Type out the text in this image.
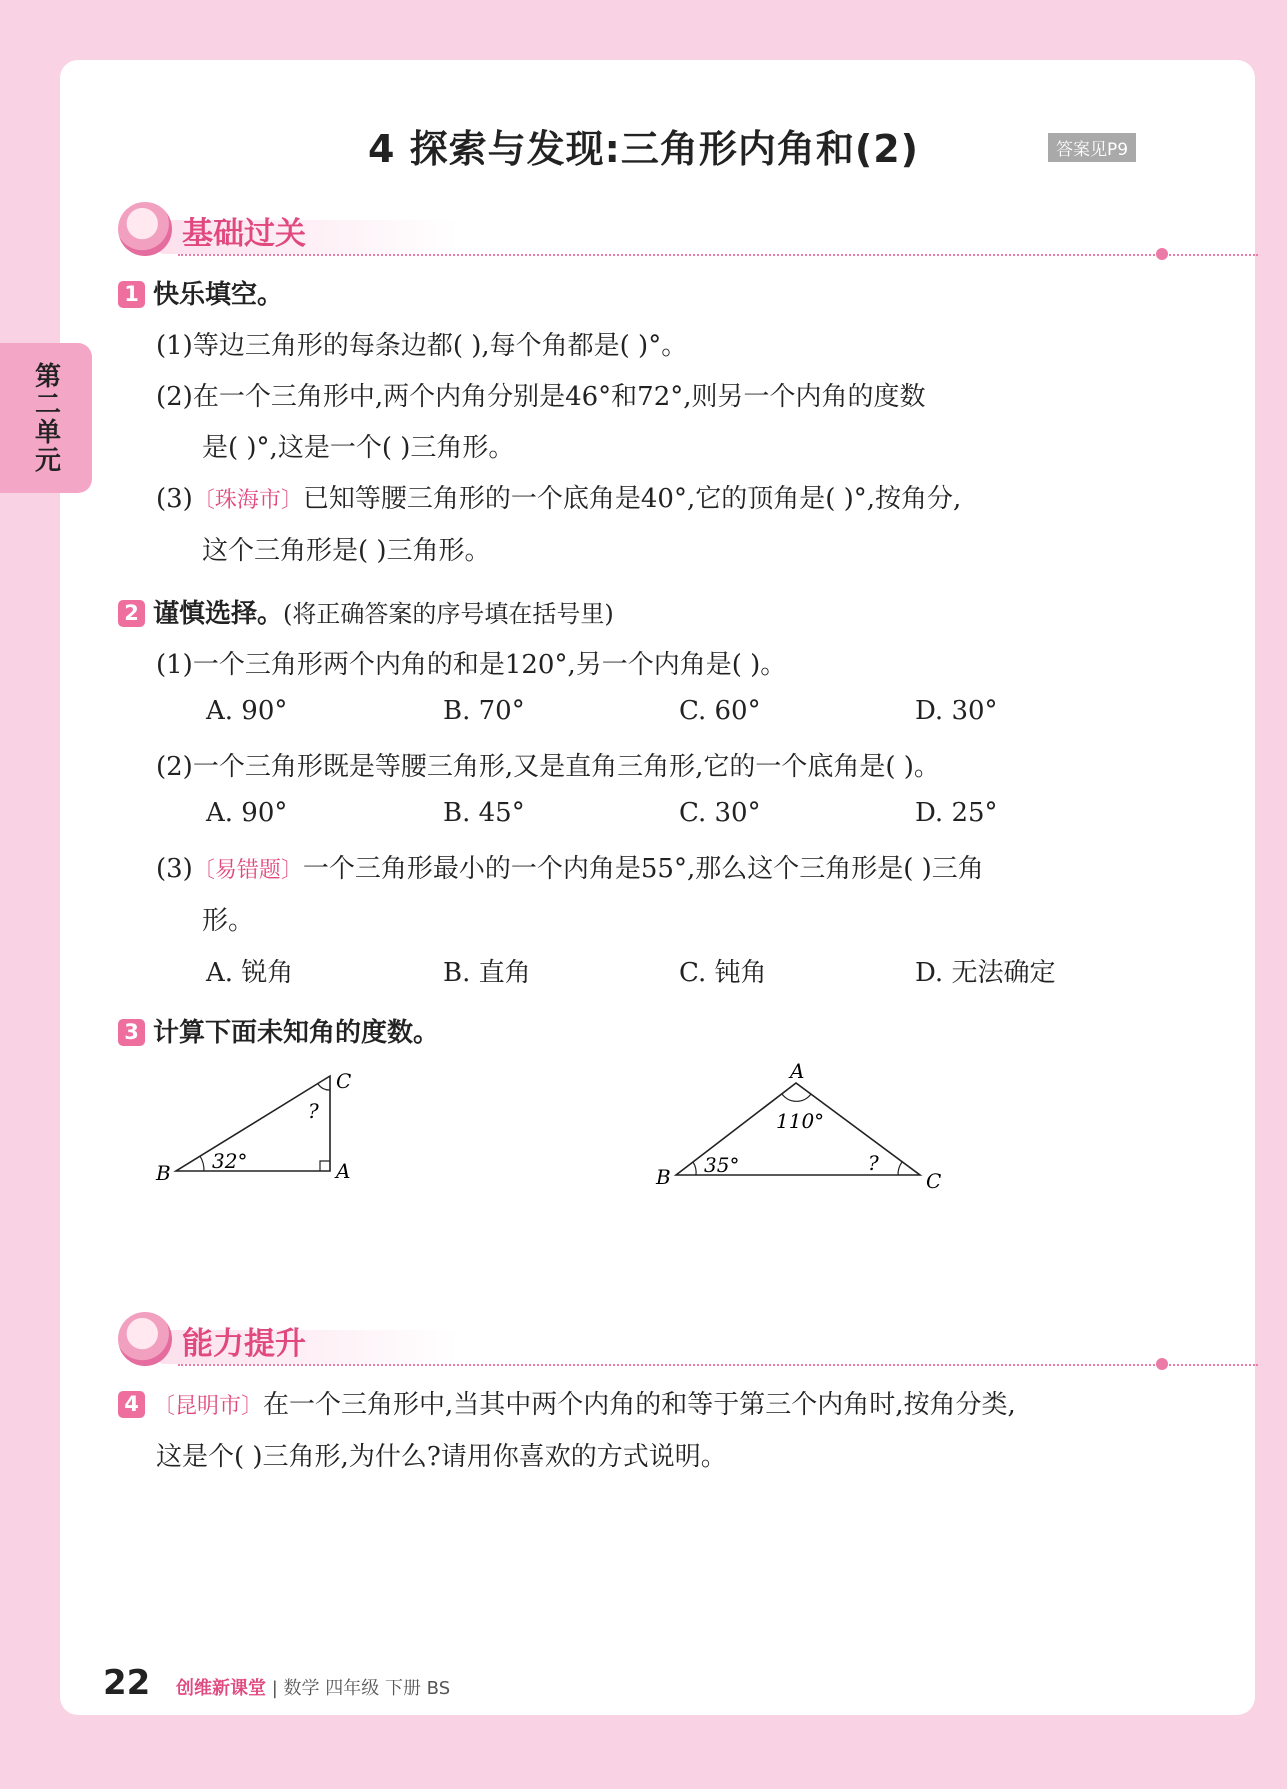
第二单元
4 探索与发现:三角形内角和(2)	答案见P9
基础过关
1 快乐填空。
(1)等边三角形的每条边都( ),每个角都是( )°。
(2)在一个三角形中,两个内角分别是46°和72°,则另一个内角的度数
是( )°,这是一个( )三角形。
(3)〔珠海市〕已知等腰三角形的一个底角是40°,它的顶角是( )°,按角分,
这个三角形是( )三角形。
2 谨慎选择。(将正确答案的序号填在括号里)
(1)一个三角形两个内角的和是120°,另一个内角是( )。
A. 90°	B. 70°	C. 60°	D. 30°
(2)一个三角形既是等腰三角形,又是直角三角形,它的一个底角是( )。
A. 90°	B. 45°	C. 30°	D. 25°
(3)〔易错题〕一个三角形最小的一个内角是55°,那么这个三角形是( )三角
形。
A. 锐角	B. 直角	C. 钝角	D. 无法确定
3 计算下面未知角的度数。
B
C
A
32°
?
A
B	C
110°
35°	?
能力提升
4 〔昆明市〕在一个三角形中,当其中两个内角的和等于第三个内角时,按角分类,
这是个( )三角形,为什么?请用你喜欢的方式说明。
22 创维新课堂 | 数学 四年级 下册 BS
